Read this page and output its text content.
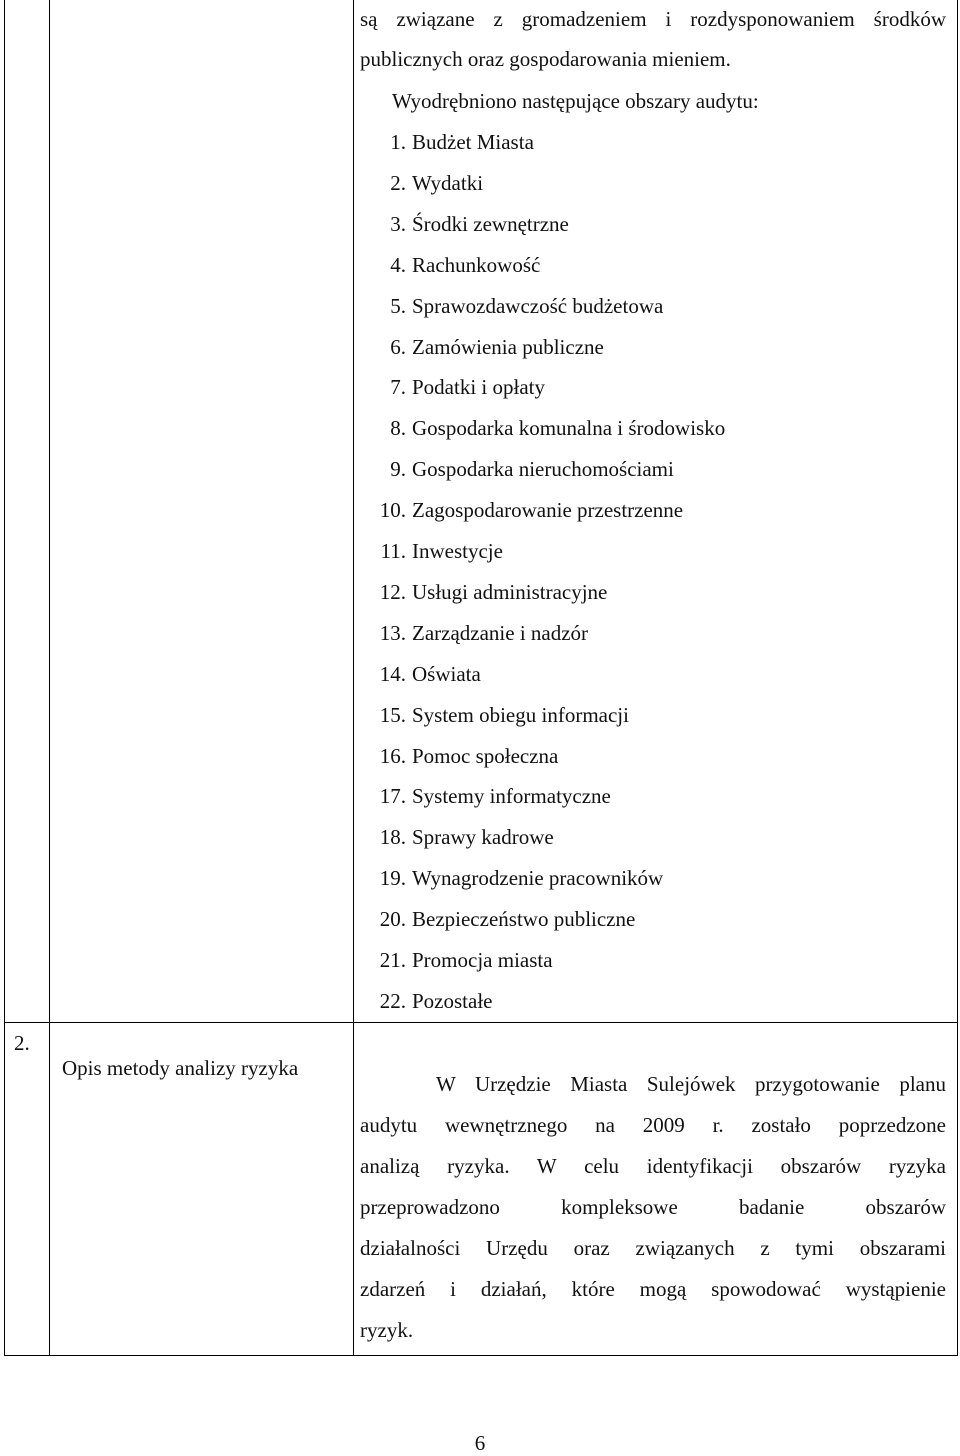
są związane z gromadzeniem i rozdysponowaniem środków
publicznych oraz gospodarowania mieniem.
Wyodrębniono następujące obszary audytu:
1. Budżet Miasta
2. Wydatki
3. Środki zewnętrzne
4. Rachunkowość
5. Sprawozdawczość budżetowa
6. Zamówienia publiczne
7. Podatki i opłaty
8. Gospodarka komunalna i środowisko
9. Gospodarka nieruchomościami
10. Zagospodarowanie przestrzenne
11. Inwestycje
12. Usługi administracyjne
13. Zarządzanie i nadzór
14. Oświata
15. System obiegu informacji
16. Pomoc społeczna
17. Systemy informatyczne
18. Sprawy kadrowe
19. Wynagrodzenie pracowników
20. Bezpieczeństwo publiczne
21. Promocja miasta
22. Pozostałe
2.
Opis metody analizy ryzyka
W Urzędzie Miasta Sulejówek przygotowanie planu
audytu wewnętrznego na 2009 r. zostało poprzedzone
analizą ryzyka. W celu identyfikacji obszarów ryzyka
przeprowadzono kompleksowe badanie obszarów
działalności Urzędu oraz związanych z tymi obszarami
zdarzeń i działań, które mogą spowodować wystąpienie
ryzyk.
6
